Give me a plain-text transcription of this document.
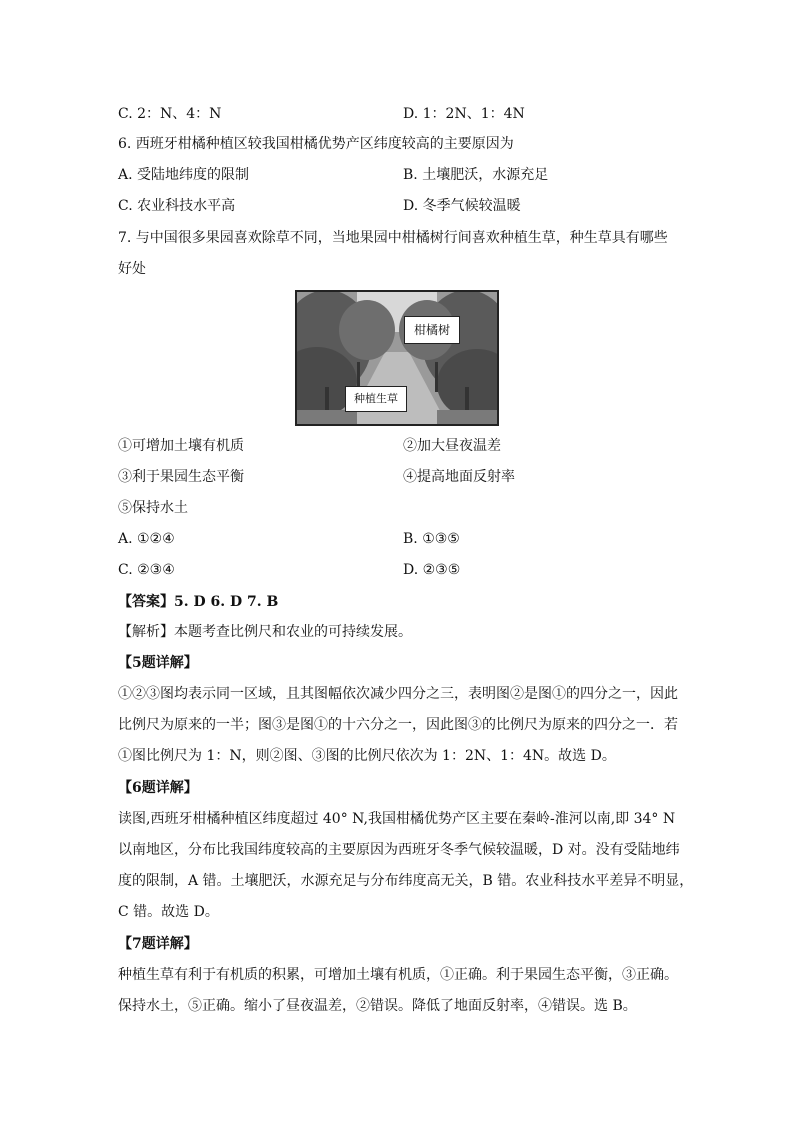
C. 2：N、4：N	D. 1：2N、1：4N
6. 西班牙柑橘种植区较我国柑橘优势产区纬度较高的主要原因为
A. 受陆地纬度的限制	B. 土壤肥沃，水源充足
C. 农业科技水平高	D. 冬季气候较温暖
7. 与中国很多果园喜欢除草不同，当地果园中柑橘树行间喜欢种植生草，种生草具有哪些
好处
柑橘树
种植生草
①可增加土壤有机质	②加大昼夜温差
③利于果园生态平衡	④提高地面反射率
⑤保持水土
A. ①②④	B. ①③⑤
C. ②③④	D. ②③⑤
【答案】5. D 6. D 7. B
【解析】本题考查比例尺和农业的可持续发展。
【5题详解】
①②③图均表示同一区域，且其图幅依次减少四分之三，表明图②是图①的四分之一，因此
比例尺为原来的一半；图③是图①的十六分之一，因此图③的比例尺为原来的四分之一．若
①图比例尺为 1：N，则②图、③图的比例尺依次为 1：2N、1：4N。故选 D。
【6题详解】
读图,西班牙柑橘种植区纬度超过 40° N,我国柑橘优势产区主要在秦岭-淮河以南,即 34° N
以南地区，分布比我国纬度较高的主要原因为西班牙冬季气候较温暖，D 对。没有受陆地纬
度的限制，A 错。土壤肥沃，水源充足与分布纬度高无关，B 错。农业科技水平差异不明显，
C 错。故选 D。
【7题详解】
种植生草有利于有机质的积累，可增加土壤有机质，①正确。利于果园生态平衡，③正确。
保持水土，⑤正确。缩小了昼夜温差，②错误。降低了地面反射率，④错误。选 B。
